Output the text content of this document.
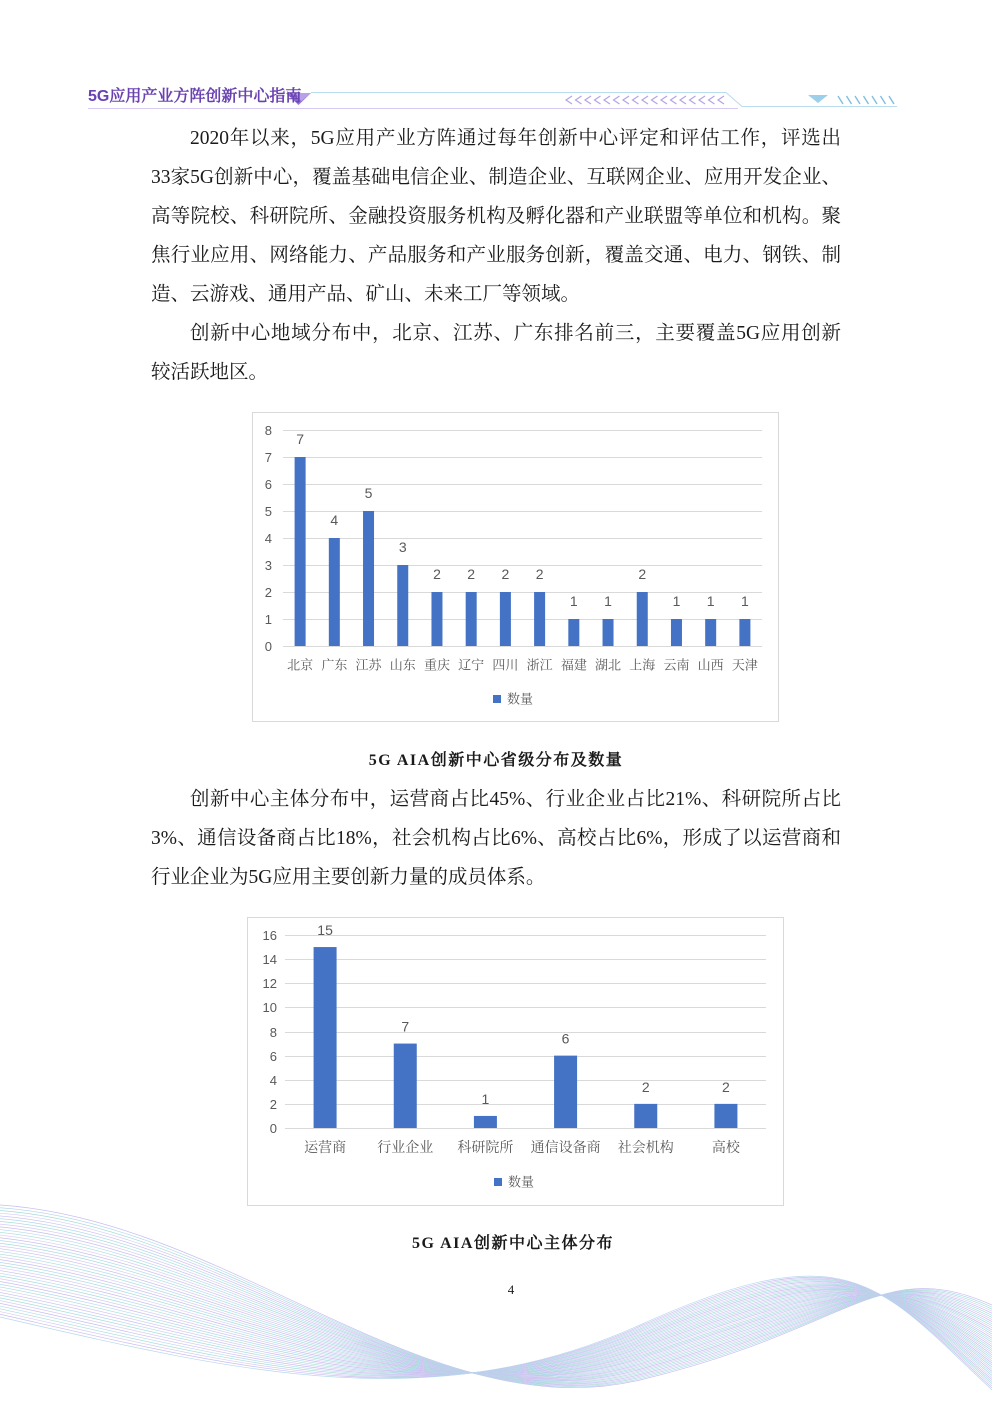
5G应用产业方阵创新中心指南
2020年以来，5G应用产业方阵通过每年创新中心评定和评估工作，评选出
33家5G创新中心，覆盖基础电信企业、制造企业、互联网企业、应用开发企业、
高等院校、科研院所、金融投资服务机构及孵化器和产业联盟等单位和机构。聚
焦行业应用、网络能力、产品服务和产业服务创新，覆盖交通、电力、钢铁、制
造、云游戏、通用产品、矿山、未来工厂等领域。
创新中心地域分布中，北京、江苏、广东排名前三，主要覆盖5G应用创新
较活跃地区。
0
1
2
3
4
5
6
7
8
7
4
5
3
2 2 2 2
1 1
2
1 1 1
北京 广东 江苏 山东 重庆 辽宁 四川 浙江 福建 湖北 上海 云南 山西 天津
数量
5G AIA创新中心省级分布及数量
创新中心主体分布中，运营商占比45%、行业企业占比21%、科研院所占比
3%、通信设备商占比18%，社会机构占比6%、高校占比6%，形成了以运营商和
行业企业为5G应用主要创新力量的成员体系。
0
2
4
6
8
10
12
14
16	15
7
1
6
2	2
运营商 行业企业 科研院所 通信设备商 社会机构	高校
数量
5G AIA创新中心主体分布
4
